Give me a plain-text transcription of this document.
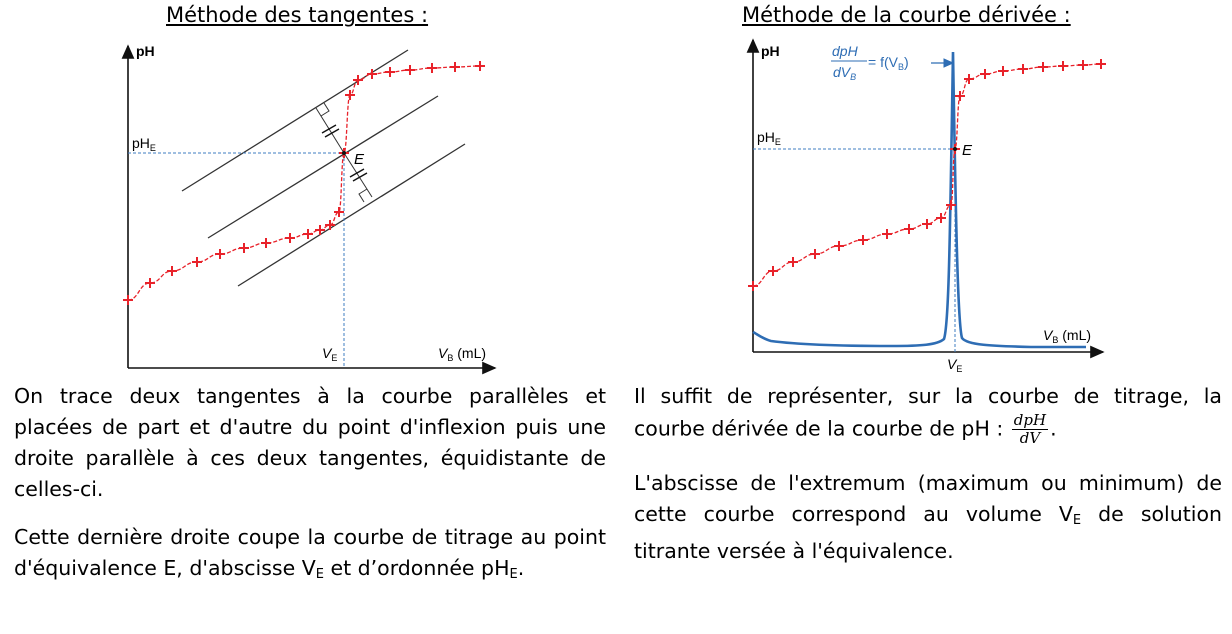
Méthode des tangentes :
pH
$V_B$ (mL)
$pH_E$
$V_E$
E
On trace deux tangentes à la courbe parallèles et placées de part et d'autre du point d'inflexion puis une droite parallèle à ces deux tangentes, équidistante de celles-ci.
Cette dernière droite coupe la courbe de titrage au point d'équivalence E, d'abscisse $V_E$ et d’ordonnée $pH_E$.
Méthode de la courbe dérivée :
pH
$V_B$ (mL)
dpH
$dV_B$
= $f(V_B)$
$pH_E$
$V_E$
E
Il suffit de représenter, sur la courbe de titrage, la courbe dérivée de la courbe de pH : $\frac{\text{dpH}}{dV}$ .
L'abscisse de l'extremum (maximum ou minimum) de cette courbe correspond au volume $V_E$ de solution titrante versée à l'équivalence.
